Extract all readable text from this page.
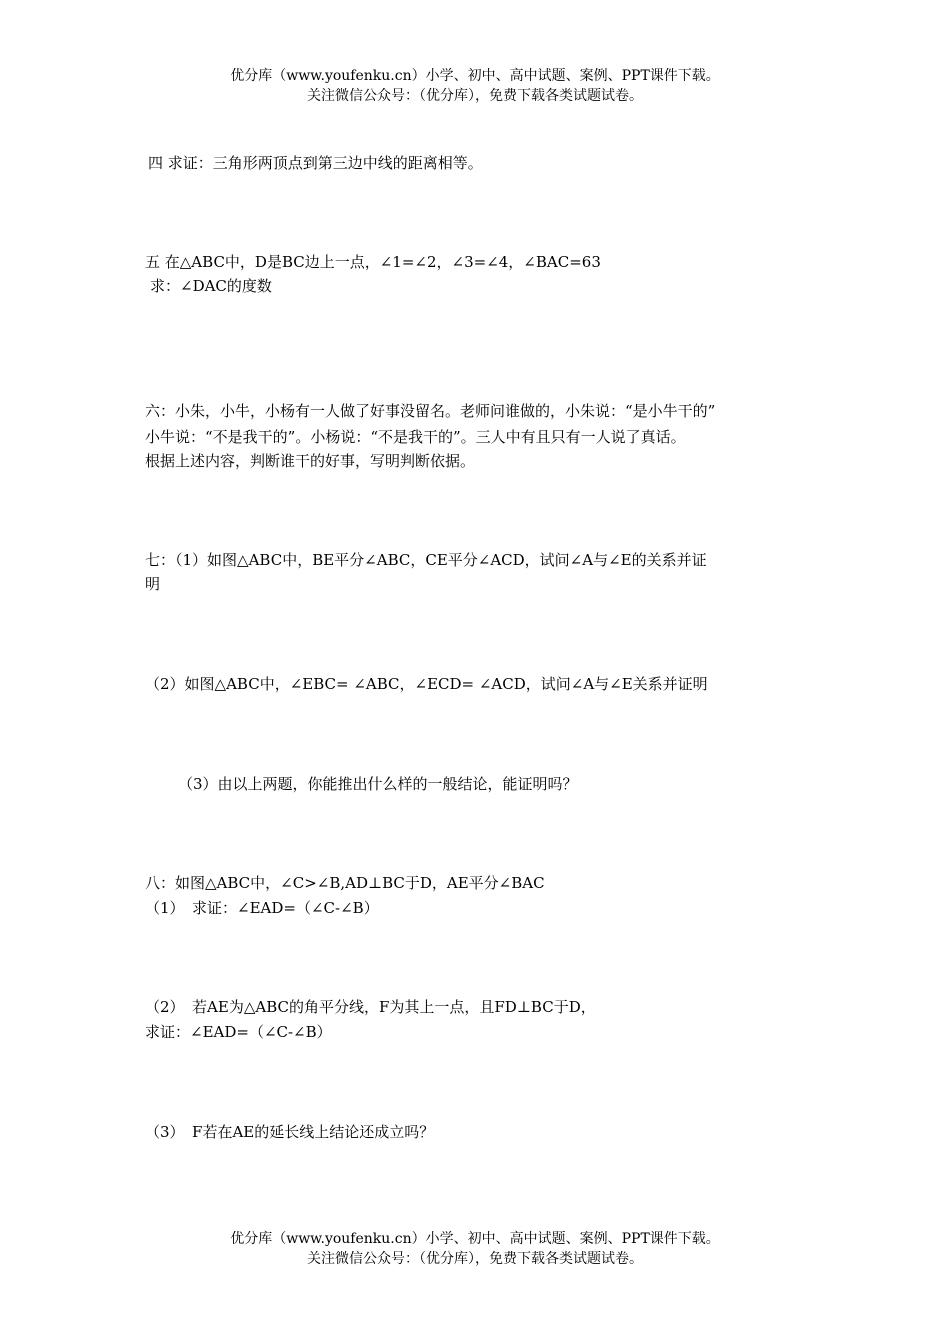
优分库（www.youfenku.cn）小学、初中、高中试题、案例、PPT课件下载。
关注微信公众号：（优分库），免费下载各类试题试卷。
四 求证：三角形两顶点到第三边中线的距离相等。
五 在△ABC中，D是BC边上一点，∠1=∠2，∠3=∠4，∠BAC=63
求：∠DAC的度数
六：小朱，小牛，小杨有一人做了好事没留名。老师问谁做的，小朱说：“是小牛干的”
小牛说：“不是我干的”。小杨说：“不是我干的”。三人中有且只有一人说了真话。
根据上述内容，判断谁干的好事，写明判断依据。
七：（1）如图△ABC中，BE平分∠ABC，CE平分∠ACD，试问∠A与∠E的关系并证
明
（2）如图△ABC中，∠EBC= ∠ABC，∠ECD= ∠ACD，试问∠A与∠E关系并证明
（3）由以上两题，你能推出什么样的一般结论，能证明吗？
八：如图△ABC中，∠C>∠B,AD⊥BC于D，AE平分∠BAC
（1）　求证：∠EAD=（∠C-∠B）
（2）　若AE为△ABC的角平分线，F为其上一点，且FD⊥BC于D，
求证：∠EAD=（∠C-∠B）
（3）　F若在AE的延长线上结论还成立吗？
优分库（www.youfenku.cn）小学、初中、高中试题、案例、PPT课件下载。
关注微信公众号：（优分库），免费下载各类试题试卷。
